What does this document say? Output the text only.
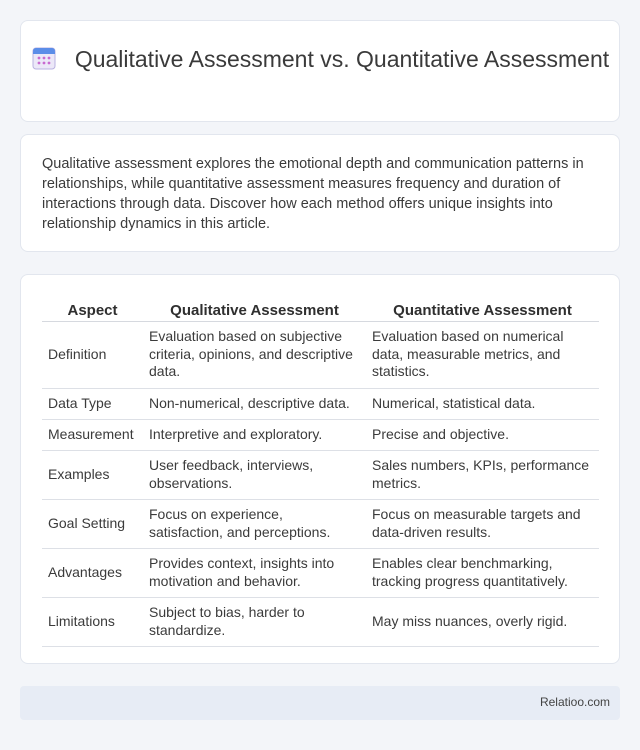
Qualitative Assessment vs. Quantitative Assessment

Qualitative assessment explores the emotional depth and communication patterns in relationships, while quantitative assessment measures frequency and duration of interactions through data. Discover how each method offers unique insights into relationship dynamics in this article.

Aspect	Qualitative Assessment	Quantitative Assessment
Definition	Evaluation based on subjective criteria, opinions, and descriptive data.	Evaluation based on numerical data, measurable metrics, and statistics.
Data Type	Non-numerical, descriptive data.	Numerical, statistical data.
Measurement	Interpretive and exploratory.	Precise and objective.
Examples	User feedback, interviews, observations.	Sales numbers, KPIs, performance metrics.
Goal Setting	Focus on experience, satisfaction, and perceptions.	Focus on measurable targets and data-driven results.
Advantages	Provides context, insights into motivation and behavior.	Enables clear benchmarking, tracking progress quantitatively.
Limitations	Subject to bias, harder to standardize.	May miss nuances, overly rigid.
Relatioo.com
